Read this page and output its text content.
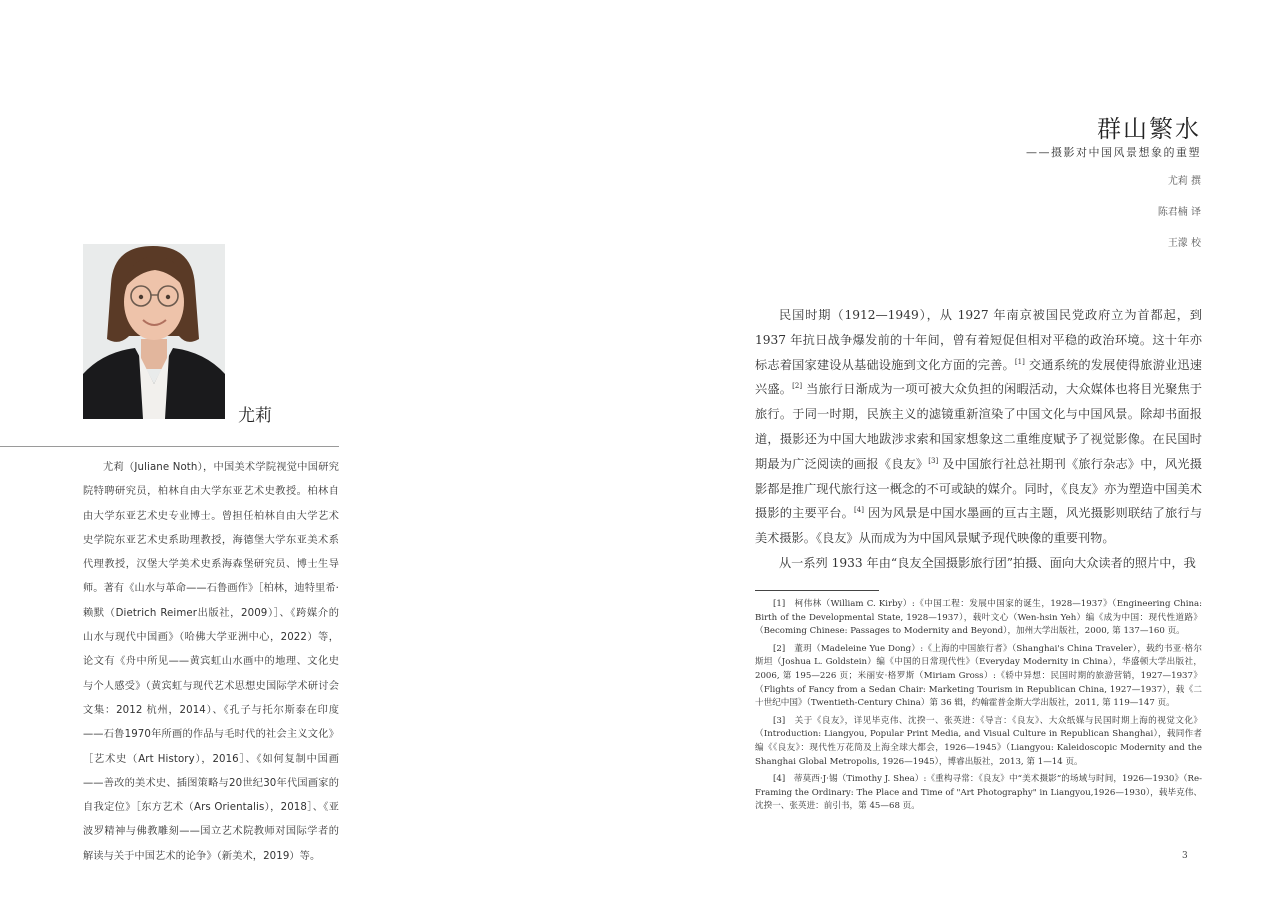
尤莉
尤莉（Juliane Noth），中国美术学院视觉中国研究院特聘研究员，柏林自由大学东亚艺术史教授。柏林自由大学东亚艺术史专业博士。曾担任柏林自由大学艺术史学院东亚艺术史系助理教授，海德堡大学东亚美术系代理教授，汉堡大学美术史系海森堡研究员、博士生导师。著有《山水与革命——石鲁画作》［柏林，迪特里希·赖默（Dietrich Reimer出版社，2009）］、《跨媒介的山水与现代中国画》（哈佛大学亚洲中心，2022）等，论文有《舟中所见——黄宾虹山水画中的地理、文化史与个人感受》（黄宾虹与现代艺术思想史国际学术研讨会文集：2012 杭州，2014）、《孔子与托尔斯泰在印度——石鲁1970年所画的作品与毛时代的社会主义文化》［艺术史（Art History），2016］、《如何复制中国画——善改的美术史、插图策略与20世纪30年代国画家的自我定位》［东方艺术（Ars Orientalis），2018］、《亚波罗精神与佛教雕刻——国立艺术院教师对国际学者的解读与关于中国艺术的论争》（新美术，2019）等。
群山繁水
——摄影对中国风景想象的重塑
尤莉 撰
陈君楠 译
王濛 校

民国时期（1912—1949），从 1927 年南京被国民党政府立为首都起，到 1937 年抗日战争爆发前的十年间，曾有着短促但相对平稳的政治环境。这十年亦标志着国家建设从基础设施到文化方面的完善。[1] 交通系统的发展使得旅游业迅速兴盛。[2] 当旅行日渐成为一项可被大众负担的闲暇活动，大众媒体也将目光聚焦于旅行。于同一时期，民族主义的滤镜重新渲染了中国文化与中国风景。除却书面报道，摄影还为中国大地跋涉求索和国家想象这二重维度赋予了视觉影像。在民国时期最为广泛阅读的画报《良友》[3] 及中国旅行社总社期刊《旅行杂志》中，风光摄影都是推广现代旅行这一概念的不可或缺的媒介。同时，《良友》亦为塑造中国美术摄影的主要平台。[4] 因为风景是中国水墨画的亘古主题，风光摄影则联结了旅行与美术摄影。《良友》从而成为为中国风景赋予现代映像的重要刊物。

从一系列 1933 年由“良友全国摄影旅行团”拍摄、面向大众读者的照片中，我

[1]　柯伟林（William C. Kirby）:《中国工程：发展中国家的诞生，1928—1937》（Engineering China: Birth of the Developmental State, 1928—1937），载叶文心（Wen-hsin Yeh）编《成为中国：现代性道路》（Becoming Chinese: Passages to Modernity and Beyond），加州大学出版社，2000, 第 137—160 页。

[2]　董玥（Madeleine Yue Dong）:《上海的中国旅行者》（Shanghai's China Traveler），载约书亚·格尔斯坦（Joshua L. Goldstein）编《中国的日常现代性》（Everyday Modernity in China），华盛顿大学出版社，2006, 第 195—226 页；米丽安·格罗斯（Miriam Gross）:《轿中异想：民国时期的旅游营销，1927—1937》（Flights of Fancy from a Sedan Chair: Marketing Tourism in Republican China, 1927—1937），载《二十世纪中国》（Twentieth-Century China）第 36 辑，约翰霍普金斯大学出版社，2011, 第 119—147 页。

[3]　关于《良友》，详见毕克伟、沈揆一、张英进：《导言：《良友》、大众纸媒与民国时期上海的视觉文化》（Introduction: Liangyou, Popular Print Media, and Visual Culture in Republican Shanghai），载同作者编《《良友》：现代性万花筒及上海全球大都会，1926—1945》（Liangyou: Kaleidoscopic Modernity and the Shanghai Global Metropolis, 1926—1945），博睿出版社，2013, 第 1—14 页。

[4]　蒂莫西·J·锡（Timothy J. Shea）:《重构寻常：《良友》中“美术摄影”的场域与时间，1926—1930》（Re-Framing the Ordinary: The Place and Time of "Art Photography" in Liangyou,1926—1930），载毕克伟、沈揆一、张英进：前引书，第 45—68 页。

3
